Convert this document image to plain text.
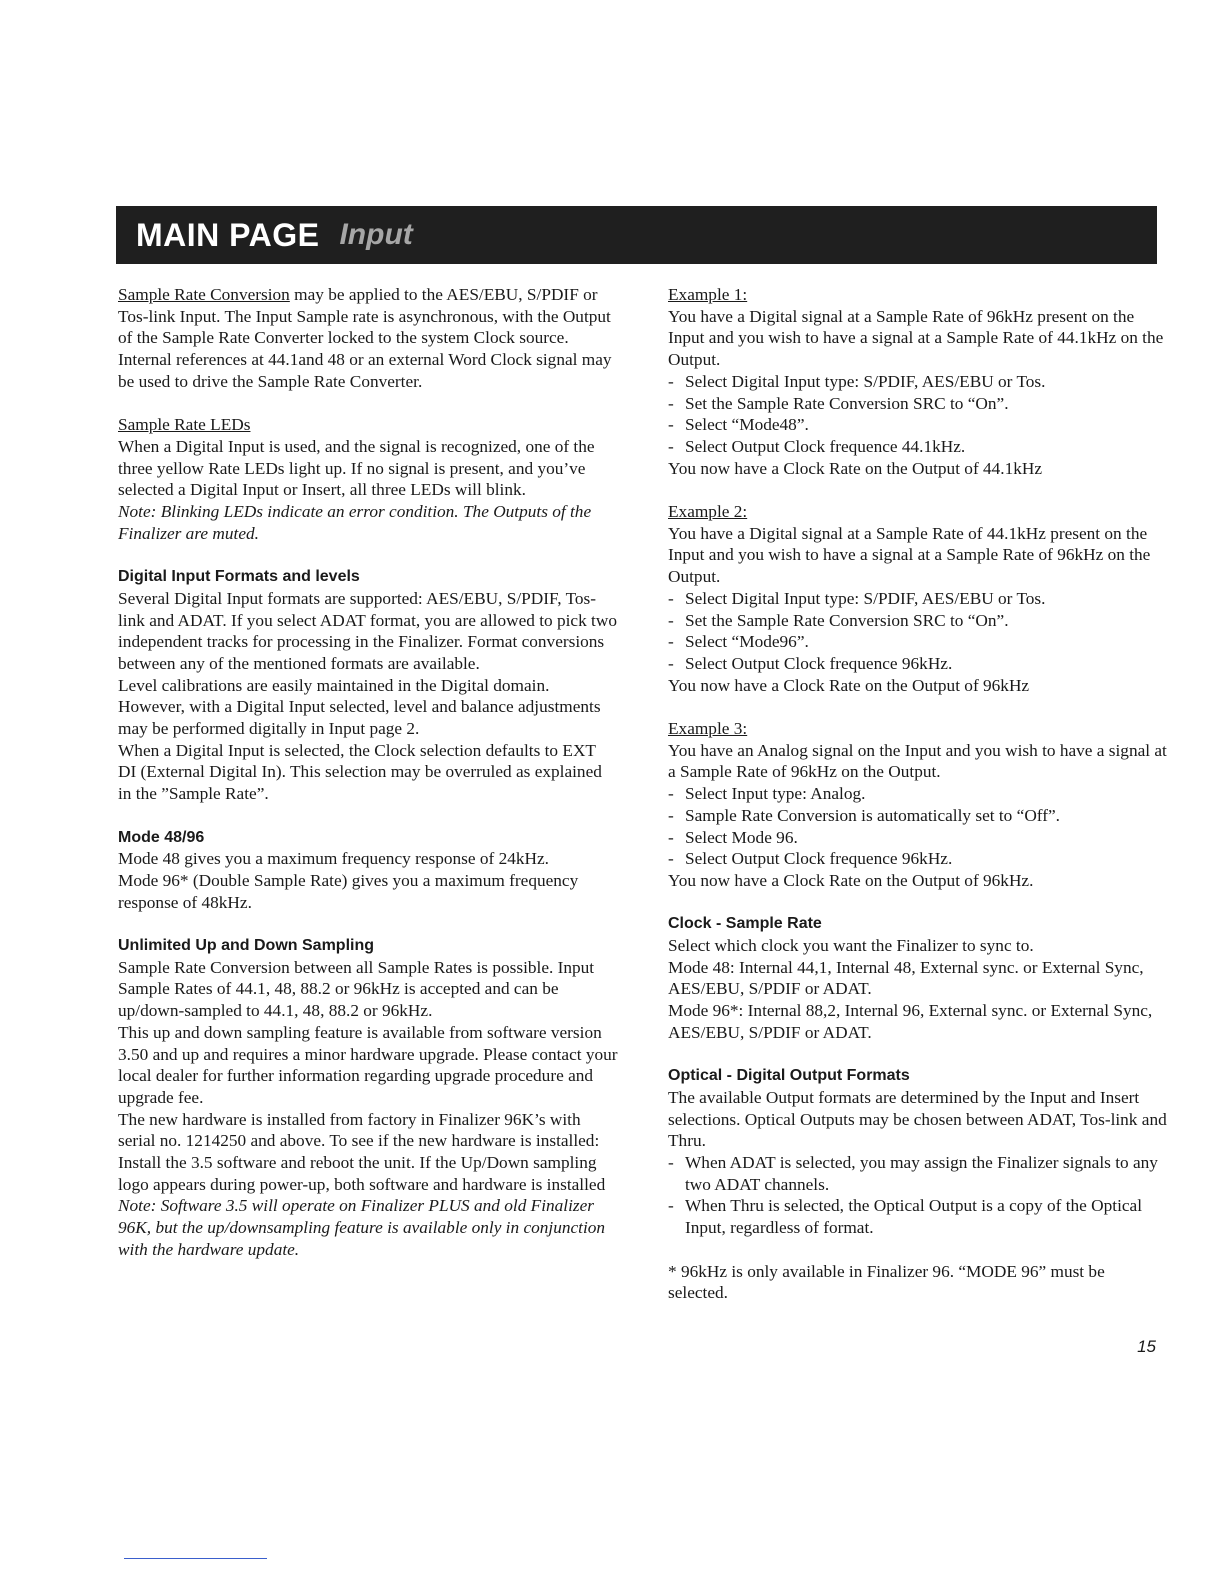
MAIN PAGE Input

Sample Rate Conversion may be applied to the AES/EBU, S/PDIF or Tos-link Input. The Input Sample rate is asynchronous, with the Output of the Sample Rate Converter locked to the system Clock source.

Internal references at 44.1and 48 or an external Word Clock signal may be used to drive the Sample Rate Converter.

Sample Rate LEDs

When a Digital Input is used, and the signal is recognized, one of the three yellow Rate LEDs light up. If no signal is present, and you’ve selected a Digital Input or Insert, all three LEDs will blink.

Note: Blinking LEDs indicate an error condition. The Outputs of the Finalizer are muted.

Digital Input Formats and levels

Several Digital Input formats are supported: AES/EBU, S/PDIF, Tos-link and ADAT. If you select ADAT format, you are allowed to pick two independent tracks for processing in the Finalizer. Format conversions between any of the mentioned formats are available.

Level calibrations are easily maintained in the Digital domain. However, with a Digital Input selected, level and balance adjustments may be performed digitally in Input page 2.

When a Digital Input is selected, the Clock selection defaults to EXT DI (External Digital In). This selection may be overruled as explained in the ”Sample Rate”.

Mode 48/96

Mode 48 gives you a maximum frequency response of 24kHz.

Mode 96* (Double Sample Rate) gives you a maximum frequency response of 48kHz.

Unlimited Up and Down Sampling

Sample Rate Conversion between all Sample Rates is possible. Input Sample Rates of 44.1, 48, 88.2 or 96kHz is accepted and can be up/down-sampled to 44.1, 48, 88.2 or 96kHz.

This up and down sampling feature is available from software version 3.50 and up and requires a minor hardware upgrade. Please contact your local dealer for further information regarding upgrade procedure and upgrade fee.

The new hardware is installed from factory in Finalizer 96K’s with serial no. 1214250 and above. To see if the new hardware is installed: Install the 3.5 software and reboot the unit. If the Up/Down sampling logo appears during power-up, both software and hardware is installed

Note: Software 3.5 will operate on Finalizer PLUS and old Finalizer 96K, but the up/downsampling feature is available only in conjunction with the hardware update.

Example 1:

You have a Digital signal at a Sample Rate of 96kHz present on the Input and you wish to have a signal at a Sample Rate of 44.1kHz on the Output.

- Select Digital Input type: S/PDIF, AES/EBU or Tos.

- Set the Sample Rate Conversion SRC to “On”.

- Select “Mode48”.

- Select Output Clock frequence 44.1kHz.

You now have a Clock Rate on the Output of 44.1kHz

Example 2:

You have a Digital signal at a Sample Rate of 44.1kHz present on the Input and you wish to have a signal at a Sample Rate of 96kHz on the Output.

- Select Digital Input type: S/PDIF, AES/EBU or Tos.

- Set the Sample Rate Conversion SRC to “On”.

- Select “Mode96”.

- Select Output Clock frequence 96kHz.

You now have a Clock Rate on the Output of 96kHz

Example 3:

You have an Analog signal on the Input and you wish to have a signal at a Sample Rate of 96kHz on the Output.

- Select Input type: Analog.

- Sample Rate Conversion is automatically set to “Off”.

- Select Mode 96.

- Select Output Clock frequence 96kHz.

You now have a Clock Rate on the Output of 96kHz.

Clock - Sample Rate

Select which clock you want the Finalizer to sync to.

Mode 48: Internal 44,1, Internal 48, External sync. or External Sync, AES/EBU, S/PDIF or ADAT.

Mode 96*: Internal 88,2, Internal 96, External sync. or External Sync, AES/EBU, S/PDIF or ADAT.

Optical - Digital Output Formats

The available Output formats are determined by the Input and Insert selections. Optical Outputs may be chosen between ADAT, Tos-link and Thru.

- When ADAT is selected, you may assign the Finalizer signals to any two ADAT channels.

- When Thru is selected, the Optical Output is a copy of the Optical Input, regardless of format.

* 96kHz is only available in Finalizer 96. “MODE 96” must be selected.

15
